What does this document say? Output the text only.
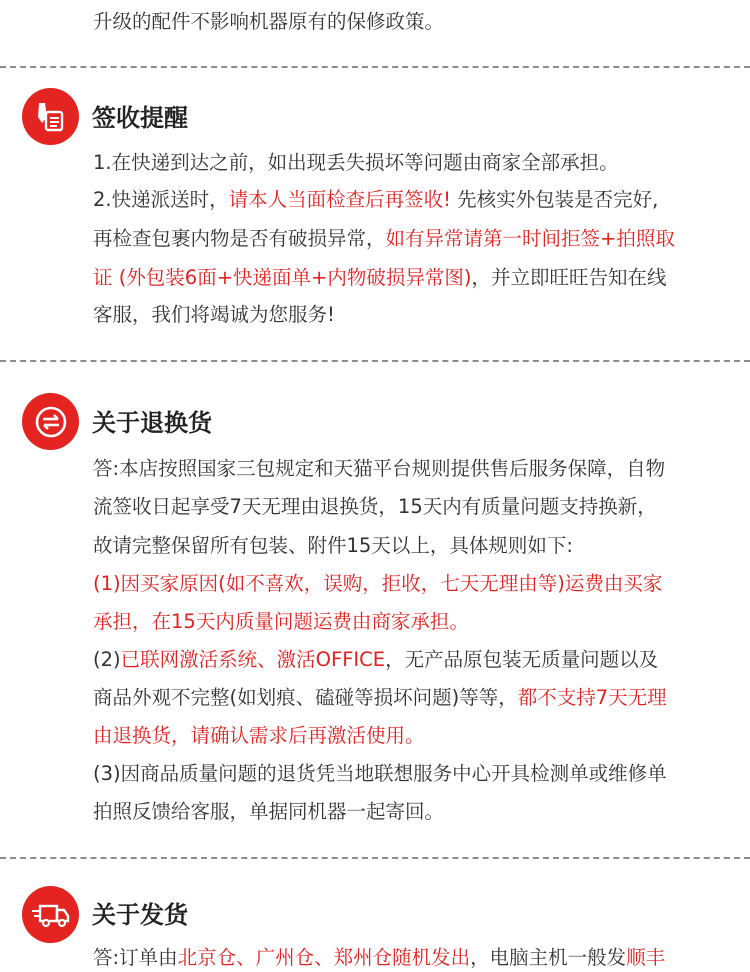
升级的配件不影响机器原有的保修政策。
签收提醒
1.在快递到达之前，如出现丢失损坏等问题由商家全部承担。
2.快递派送时，请本人当面检查后再签收! 先核实外包装是否完好,
再检查包裹内物是否有破损异常，如有异常请第一时间拒签+拍照取
证 (外包装6面+快递面单+内物破损异常图)，并立即旺旺告知在线
客服，我们将竭诚为您服务!
关于退换货
答:本店按照国家三包规定和天猫平台规则提供售后服务保障，自物
流签收日起享受7天无理由退换货，15天内有质量问题支持换新，
故请完整保留所有包装、附件15天以上，具体规则如下:
(1)因买家原因(如不喜欢，误购，拒收，七天无理由等)运费由买家
承担，在15天内质量问题运费由商家承担。
(2)已联网激活系统、激活OFFICE，无产品原包装无质量问题以及
商品外观不完整(如划痕、磕碰等损坏问题)等等，都不支持7天无理
由退换货，请确认需求后再激活使用。
(3)因商品质量问题的退货凭当地联想服务中心开具检测单或维修单
拍照反馈给客服，单据同机器一起寄回。
关于发货
答:订单由北京仓、广州仓、郑州仓随机发出，电脑主机一般发顺丰
